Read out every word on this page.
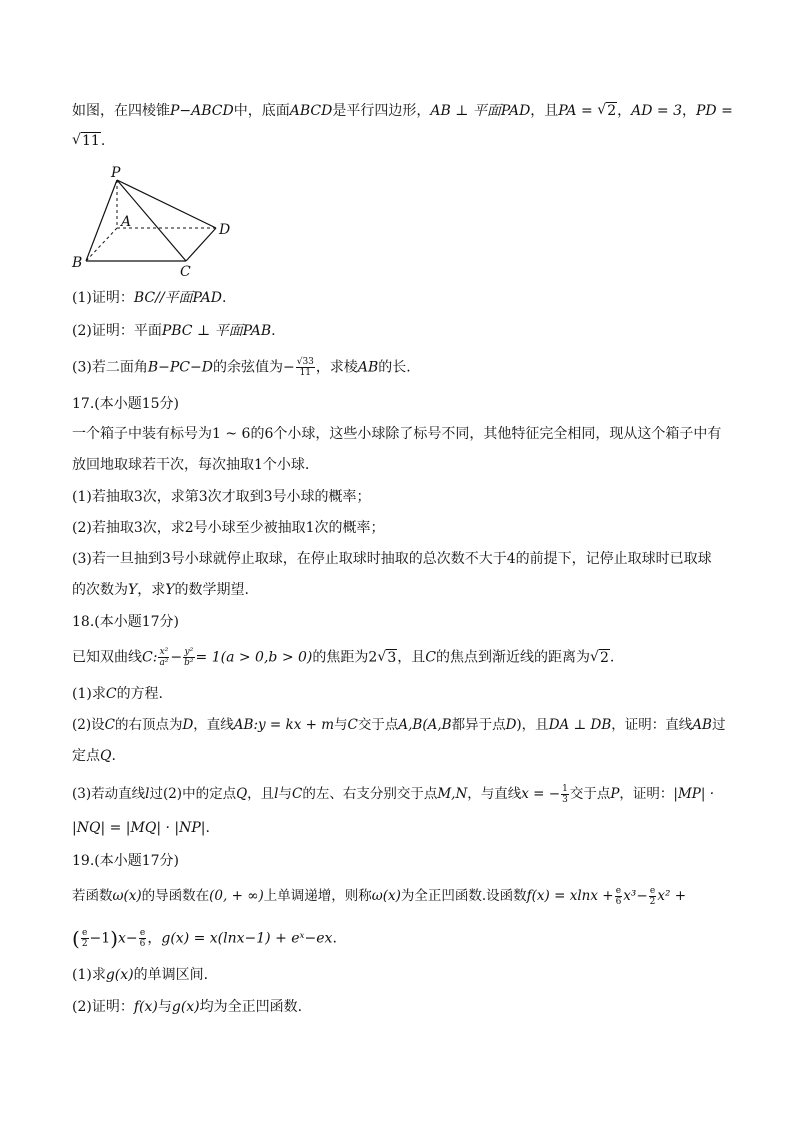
如图，在四棱锥P−ABCD中，底面ABCD是平行四边形，AB ⊥ 平面PAD，且PA = √ 2，AD = 3，PD =
√ 11.
P
A
B
C
D
(1)证明：BC//平面PAD.
(2)证明：平面PBC ⊥ 平面PAB.
(3)若二面角B−PC−D的余弦值为− $\frac{√33}{11}$ ，求棱AB的长.
17.(本小题15分)
一个箱子中装有标号为1 ~ 6的6个小球，这些小球除了标号不同，其他特征完全相同，现从这个箱子中有
放回地取球若干次，每次抽取1个小球.
(1)若抽取3次，求第3次才取到3号小球的概率；
(2)若抽取3次，求2号小球至少被抽取1次的概率；
(3)若一旦抽到3号小球就停止取球，在停止取球时抽取的总次数不大于4的前提下，记停止取球时已取球
的次数为Y，求Y的数学期望.
18.(本小题17分)
已知双曲线C: $\frac{\text{x²}}{\text{a²}} - \frac{\text{y²}}{\text{b²}} = 1(a > 0,b > 0)$的焦距为2 √ 3，且C的焦点到渐近线的距离为 √ 2.
(1)求C的方程.
(2)设C的右顶点为D，直线AB:y = kx + m与C交于点A,B(A,B都异于点D)，且DA ⊥ DB，证明：直线AB过
定点Q.
(3)若动直线l过(2)中的定点Q，且l与C的左、右支分别交于点M,N，与直线x = − $\frac{1}{3}$ 交于点P，证明：|MP| ·
|NQ| = |MQ| · |NP|.
19.(本小题17分)
若函数ω(x)的导函数在(0, + ∞)上单调递增，则称ω(x)为全正凹函数.设函数$f(x) = xlnx + \frac{e}{6} x^3- \frac{e}{2} x^2$ +
( $\frac{e}{2} -1)x- \frac{e}{6}$ ，g(x) = x(lnx−1) + eˣ−ex.
(1)求g(x)的单调区间.
(2)证明：f(x)与g(x)均为全正凹函数.
